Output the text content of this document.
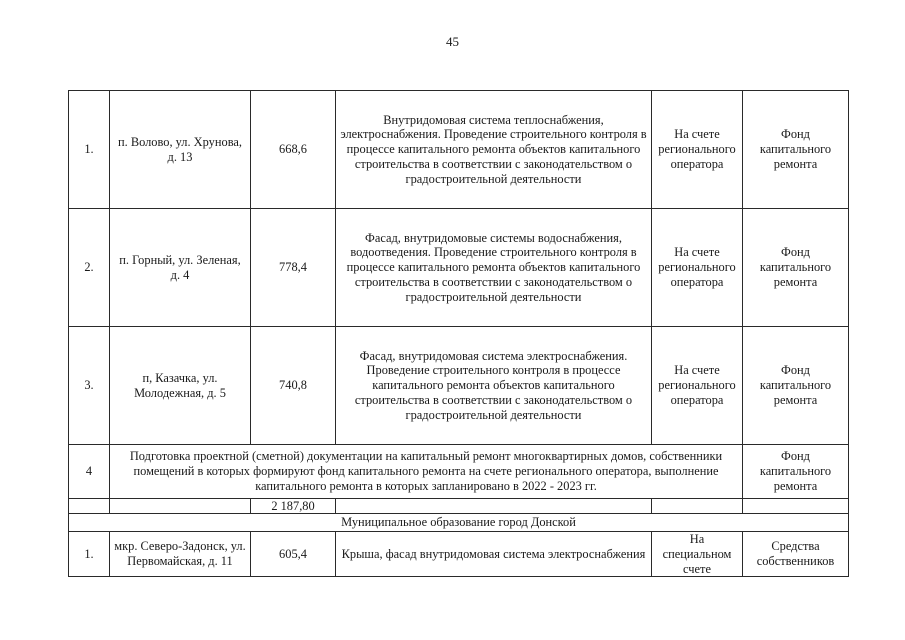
45
1.	п. Волово, ул. Хрунова, д. 13	668,6	Внутридомовая система теплоснабжения, электроснабжения. Проведение строительного контроля в процессе капитального ремонта объектов капитального строительства в соответствии с законодательством о градостроительной деятельности	На счете регионального оператора	Фонд капитального ремонта
2.	п. Горный, ул. Зеленая, д. 4	778,4	Фасад, внутридомовые системы водоснабжения, водоотведения. Проведение строительного контроля в процессе капитального ремонта объектов капитального строительства в соответствии с законодательством о градостроительной деятельности	На счете регионального оператора	Фонд капитального ремонта
3.	п, Казачка, ул. Молодежная, д. 5	740,8	Фасад, внутридомовая система электроснабжения. Проведение строительного контроля в процессе капитального ремонта объектов капитального строительства в соответствии с законодательством о градостроительной деятельности	На счете регионального оператора	Фонд капитального ремонта
4	Подготовка проектной (сметной) документации на капитальный ремонт многоквартирных домов, собственники помещений в которых формируют фонд капитального ремонта на счете регионального оператора, выполнение капитального ремонта в которых запланировано в 2022 - 2023 гг.				Фонд капитального ремонта
		2 187,80			
Муниципальное образование город Донской					
1.	мкр. Северо-Задонск, ул. Первомайская, д. 11	605,4	Крыша, фасад внутридомовая система электроснабжения	На специальном счете	Средства собственников
